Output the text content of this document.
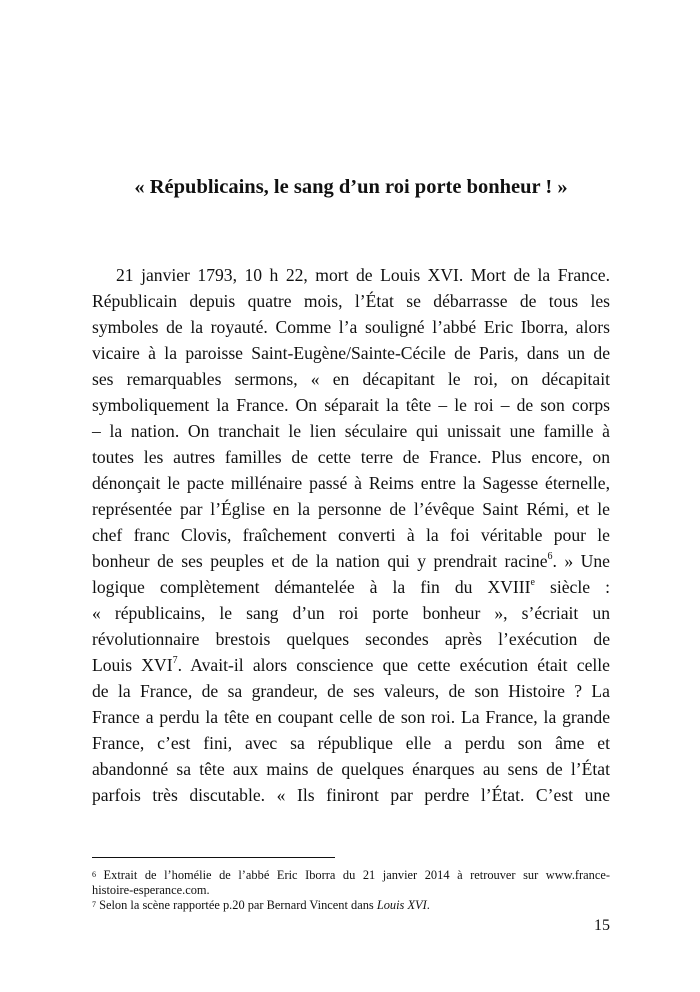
« Républicains, le sang d’un roi porte bonheur ! »
21 janvier 1793, 10 h 22, mort de Louis XVI. Mort de la France.
Républicain depuis quatre mois, l’État se débarrasse de tous les
symboles de la royauté. Comme l’a souligné l’abbé Eric Iborra, alors
vicaire à la paroisse Saint-Eugène/Sainte-Cécile de Paris, dans un de
ses remarquables sermons, « en décapitant le roi, on décapitait
symboliquement la France. On séparait la tête – le roi – de son corps
– la nation. On tranchait le lien séculaire qui unissait une famille à
toutes les autres familles de cette terre de France. Plus encore, on
dénonçait le pacte millénaire passé à Reims entre la Sagesse éternelle,
représentée par l’Église en la personne de l’évêque Saint Rémi, et le
chef franc Clovis, fraîchement converti à la foi véritable pour le
bonheur de ses peuples et de la nation qui y prendrait racine$^6$. » Une
logique complètement démantelée à la fin du XVIIIe siècle :
« républicains, le sang d’un roi porte bonheur », s’écriait un
révolutionnaire brestois quelques secondes après l’exécution de
Louis XVI$^7$. Avait-il alors conscience que cette exécution était celle
de la France, de sa grandeur, de ses valeurs, de son Histoire ? La
France a perdu la tête en coupant celle de son roi. La France, la grande
France, c’est fini, avec sa république elle a perdu son âme et
abandonné sa tête aux mains de quelques énarques au sens de l’État
parfois très discutable. « Ils finiront par perdre l’État. C’est une
$^6$ Extrait de l’homélie de l’abbé Eric Iborra du 21 janvier 2014 à retrouver sur www.france-
histoire-esperance.com.
$^7$ Selon la scène rapportée p.20 par Bernard Vincent dans Louis XVI.
15
